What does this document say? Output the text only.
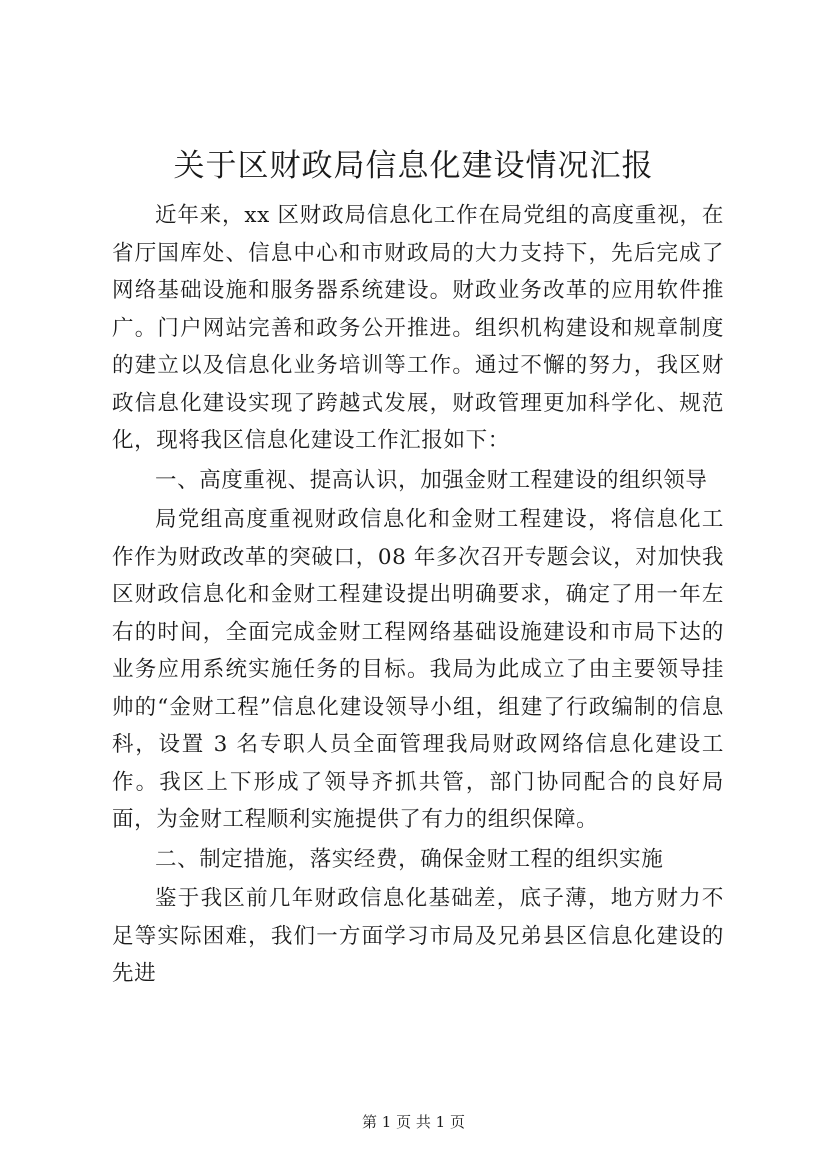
关于区财政局信息化建设情况汇报

近年来，xx 区财政局信息化工作在局党组的高度重视，在省厅国库处、信息中心和市财政局的大力支持下，先后完成了网络基础设施和服务器系统建设。财政业务改革的应用软件推广。门户网站完善和政务公开推进。组织机构建设和规章制度的建立以及信息化业务培训等工作。通过不懈的努力，我区财政信息化建设实现了跨越式发展，财政管理更加科学化、规范化，现将我区信息化建设工作汇报如下：

一、高度重视、提高认识，加强金财工程建设的组织领导

局党组高度重视财政信息化和金财工程建设，将信息化工作作为财政改革的突破口，08 年多次召开专题会议，对加快我区财政信息化和金财工程建设提出明确要求，确定了用一年左右的时间，全面完成金财工程网络基础设施建设和市局下达的业务应用系统实施任务的目标。我局为此成立了由主要领导挂帅的“金财工程”信息化建设领导小组，组建了行政编制的信息科，设置 3 名专职人员全面管理我局财政网络信息化建设工作。我区上下形成了领导齐抓共管，部门协同配合的良好局面，为金财工程顺利实施提供了有力的组织保障。

二、制定措施，落实经费，确保金财工程的组织实施

鉴于我区前几年财政信息化基础差，底子薄，地方财力不足等实际困难，我们一方面学习市局及兄弟县区信息化建设的先进

第 1 页 共 1 页
